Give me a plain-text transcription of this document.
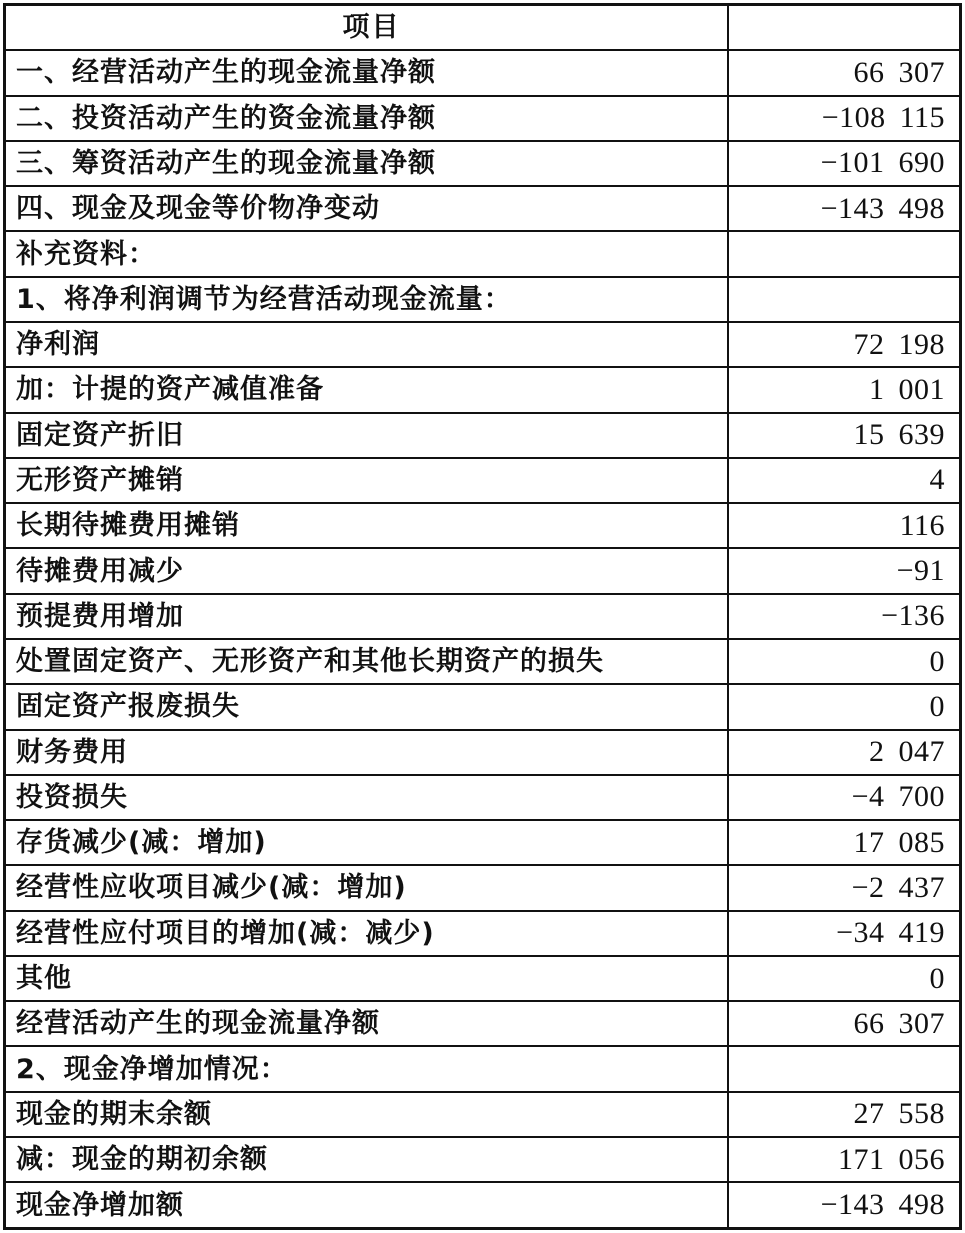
项目	
一、经营活动产生的现金流量净额	66 307
二、投资活动产生的资金流量净额	−108 115
三、筹资活动产生的现金流量净额	−101 690
四、现金及现金等价物净变动	−143 498
补充资料：	
1、将净利润调节为经营活动现金流量：	
净利润	72 198
加：计提的资产减值准备	1 001
固定资产折旧	15 639
无形资产摊销	4
长期待摊费用摊销	116
待摊费用减少	−91
预提费用增加	−136
处置固定资产、无形资产和其他长期资产的损失	0
固定资产报废损失	0
财务费用	2 047
投资损失	−4 700
存货减少(减：增加)	17 085
经营性应收项目减少(减：增加)	−2 437
经营性应付项目的增加(减：减少)	−34 419
其他	0
经营活动产生的现金流量净额	66 307
2、现金净增加情况：	
现金的期末余额	27 558
减：现金的期初余额	171 056
现金净增加额	−143 498
